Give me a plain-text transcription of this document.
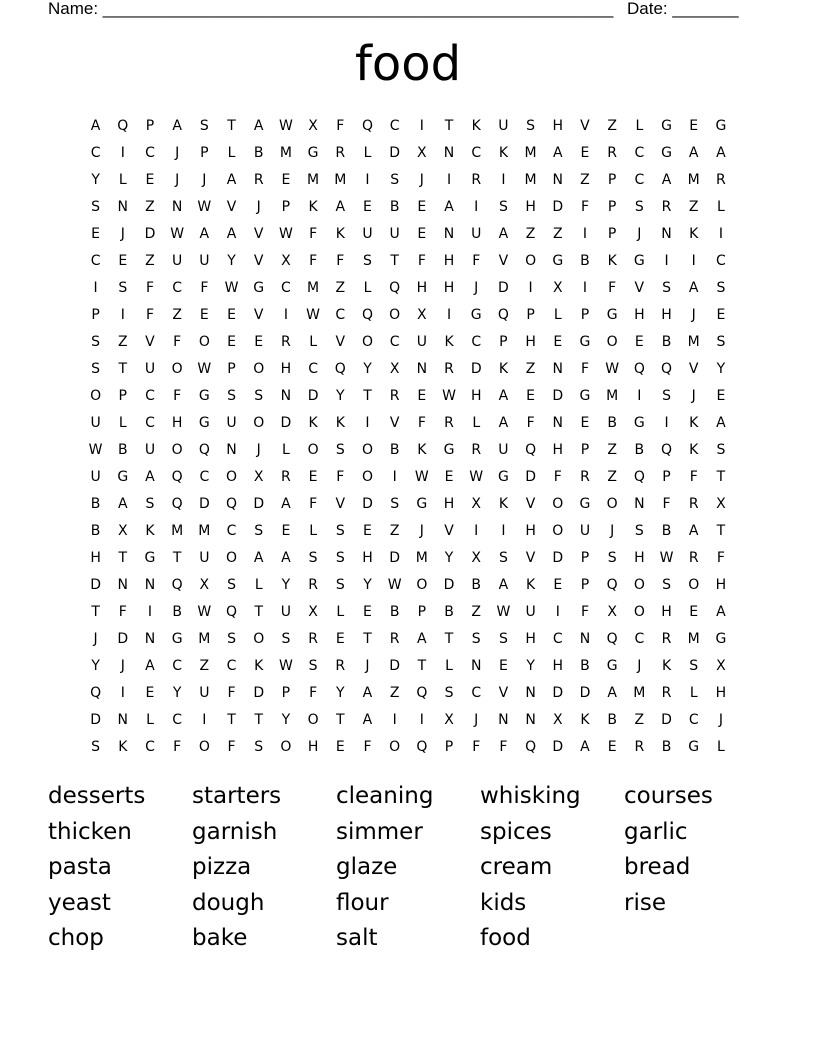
Name: ______________________________________________________ Date: _______
food
A	Q	P	A	S	T	A	W	X	F	Q	C	I	T	K	U	S	H	V	Z	L	G	E	G
C	I	C	J	P	L	B	M	G	R	L	D	X	N	C	K	M	A	E	R	C	G	A	A
Y	L	E	J	J	A	R	E	M	M	I	S	J	I	R	I	M	N	Z	P	C	A	M	R
S	N	Z	N	W	V	J	P	K	A	E	B	E	A	I	S	H	D	F	P	S	R	Z	L
E	J	D	W	A	A	V	W	F	K	U	U	E	N	U	A	Z	Z	I	P	J	N	K	I
C	E	Z	U	U	Y	V	X	F	F	S	T	F	H	F	V	O	G	B	K	G	I	I	C
I	S	F	C	F	W	G	C	M	Z	L	Q	H	H	J	D	I	X	I	F	V	S	A	S
P	I	F	Z	E	E	V	I	W	C	Q	O	X	I	G	Q	P	L	P	G	H	H	J	E
S	Z	V	F	O	E	E	R	L	V	O	C	U	K	C	P	H	E	G	O	E	B	M	S
S	T	U	O	W	P	O	H	C	Q	Y	X	N	R	D	K	Z	N	F	W	Q	Q	V	Y
O	P	C	F	G	S	S	N	D	Y	T	R	E	W	H	A	E	D	G	M	I	S	J	E
U	L	C	H	G	U	O	D	K	K	I	V	F	R	L	A	F	N	E	B	G	I	K	A
W	B	U	O	Q	N	J	L	O	S	O	B	K	G	R	U	Q	H	P	Z	B	Q	K	S
U	G	A	Q	C	O	X	R	E	F	O	I	W	E	W	G	D	F	R	Z	Q	P	F	T
B	A	S	Q	D	Q	D	A	F	V	D	S	G	H	X	K	V	O	G	O	N	F	R	X
B	X	K	M	M	C	S	E	L	S	E	Z	J	V	I	I	H	O	U	J	S	B	A	T
H	T	G	T	U	O	A	A	S	S	H	D	M	Y	X	S	V	D	P	S	H	W	R	F
D	N	N	Q	X	S	L	Y	R	S	Y	W	O	D	B	A	K	E	P	Q	O	S	O	H
T	F	I	B	W	Q	T	U	X	L	E	B	P	B	Z	W	U	I	F	X	O	H	E	A
J	D	N	G	M	S	O	S	R	E	T	R	A	T	S	S	H	C	N	Q	C	R	M	G
Y	J	A	C	Z	C	K	W	S	R	J	D	T	L	N	E	Y	H	B	G	J	K	S	X
Q	I	E	Y	U	F	D	P	F	Y	A	Z	Q	S	C	V	N	D	D	A	M	R	L	H
D	N	L	C	I	T	T	Y	O	T	A	I	I	X	J	N	N	X	K	B	Z	D	C	J
S	K	C	F	O	F	S	O	H	E	F	O	Q	P	F	F	Q	D	A	E	R	B	G	L
desserts	starters	cleaning	whisking	courses
thicken	garnish	simmer	spices	garlic
pasta	pizza	glaze	cream	bread
yeast	dough	flour	kids	rise
chop	bake	salt	food
